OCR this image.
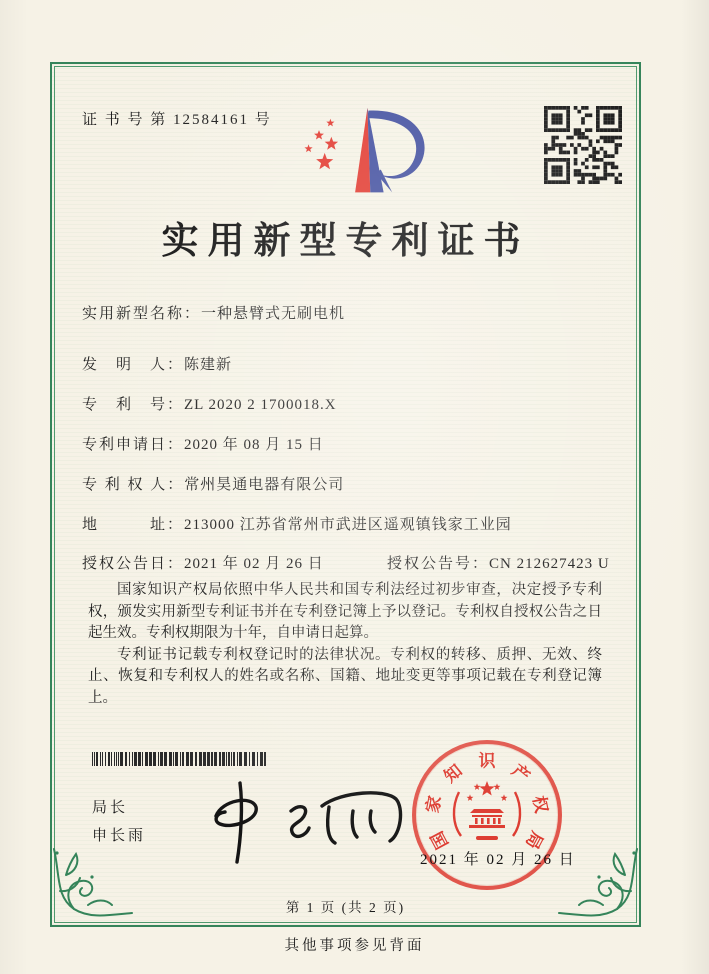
证 书 号 第 12584161 号
实用新型专利证书
实用新型名称：一种悬臂式无刷电机
发　明　人：陈建新
专　利　号：ZL 2020 2 1700018.X
专利申请日：2020 年 08 月 15 日
专 利 权 人：常州昊通电器有限公司
地　　　址：213000 江苏省常州市武进区遥观镇钱家工业园
授权公告日：2021 年 02 月 26 日	授权公告号：CN 212627423 U

国家知识产权局依照中华人民共和国专利法经过初步审查，决定授予专利权，颁发实用新型专利证书并在专利登记簿上予以登记。专利权自授权公告之日起生效。专利权期限为十年，自申请日起算。

专利证书记载专利权登记时的法律状况。专利权的转移、质押、无效、终止、恢复和专利权人的姓名或名称、国籍、地址变更等事项记载在专利登记簿上。

局长
申长雨	国
家
知 识 产
权
局
2021 年 02 月 26 日
第 1 页 (共 2 页)
其他事项参见背面
